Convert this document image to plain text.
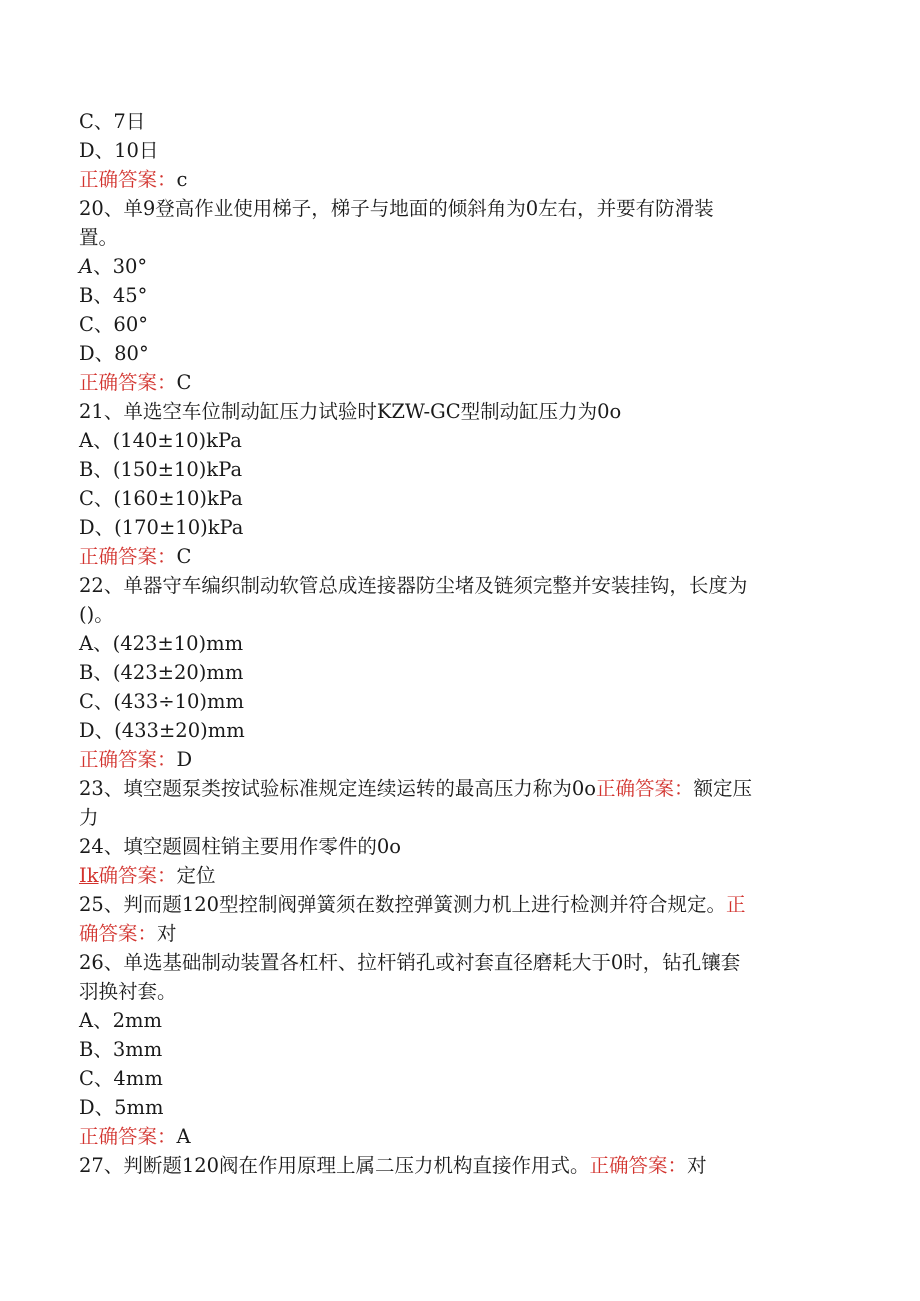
C、7日
D、10日
正确答案：c
20、单9登高作业使用梯子，梯子与地面的倾斜角为0左右，并要有防滑装
置。
A、30°
B、45°
C、60°
D、80°
正确答案：C
21、单选空车位制动缸压力试验时KZW-GC型制动缸压力为0o
A、(140±10)kPa
B、(150±10)kPa
C、(160±10)kPa
D、(170±10)kPa
正确答案：C
22、单器守车编织制动软管总成连接器防尘堵及链须完整并安装挂钩，长度为
()。
A、(423±10)mm
B、(423±20)mm
C、(433÷10)mm
D、(433±20)mm
正确答案：D
23、填空题泵类按试验标准规定连续运转的最高压力称为0o正确答案：额定压
力
24、填空题圆柱销主要用作零件的0o
Ik确答案：定位
25、判而题120型控制阀弹簧须在数控弹簧测力机上进行检测并符合规定。正
确答案：对
26、单选基础制动装置各杠杆、拉杆销孔或衬套直径磨耗大于0时，钻孔镶套
羽换衬套。
A、2mm
B、3mm
C、4mm
D、5mm
正确答案：A
27、判断题120阀在作用原理上属二压力机构直接作用式。正确答案：对
